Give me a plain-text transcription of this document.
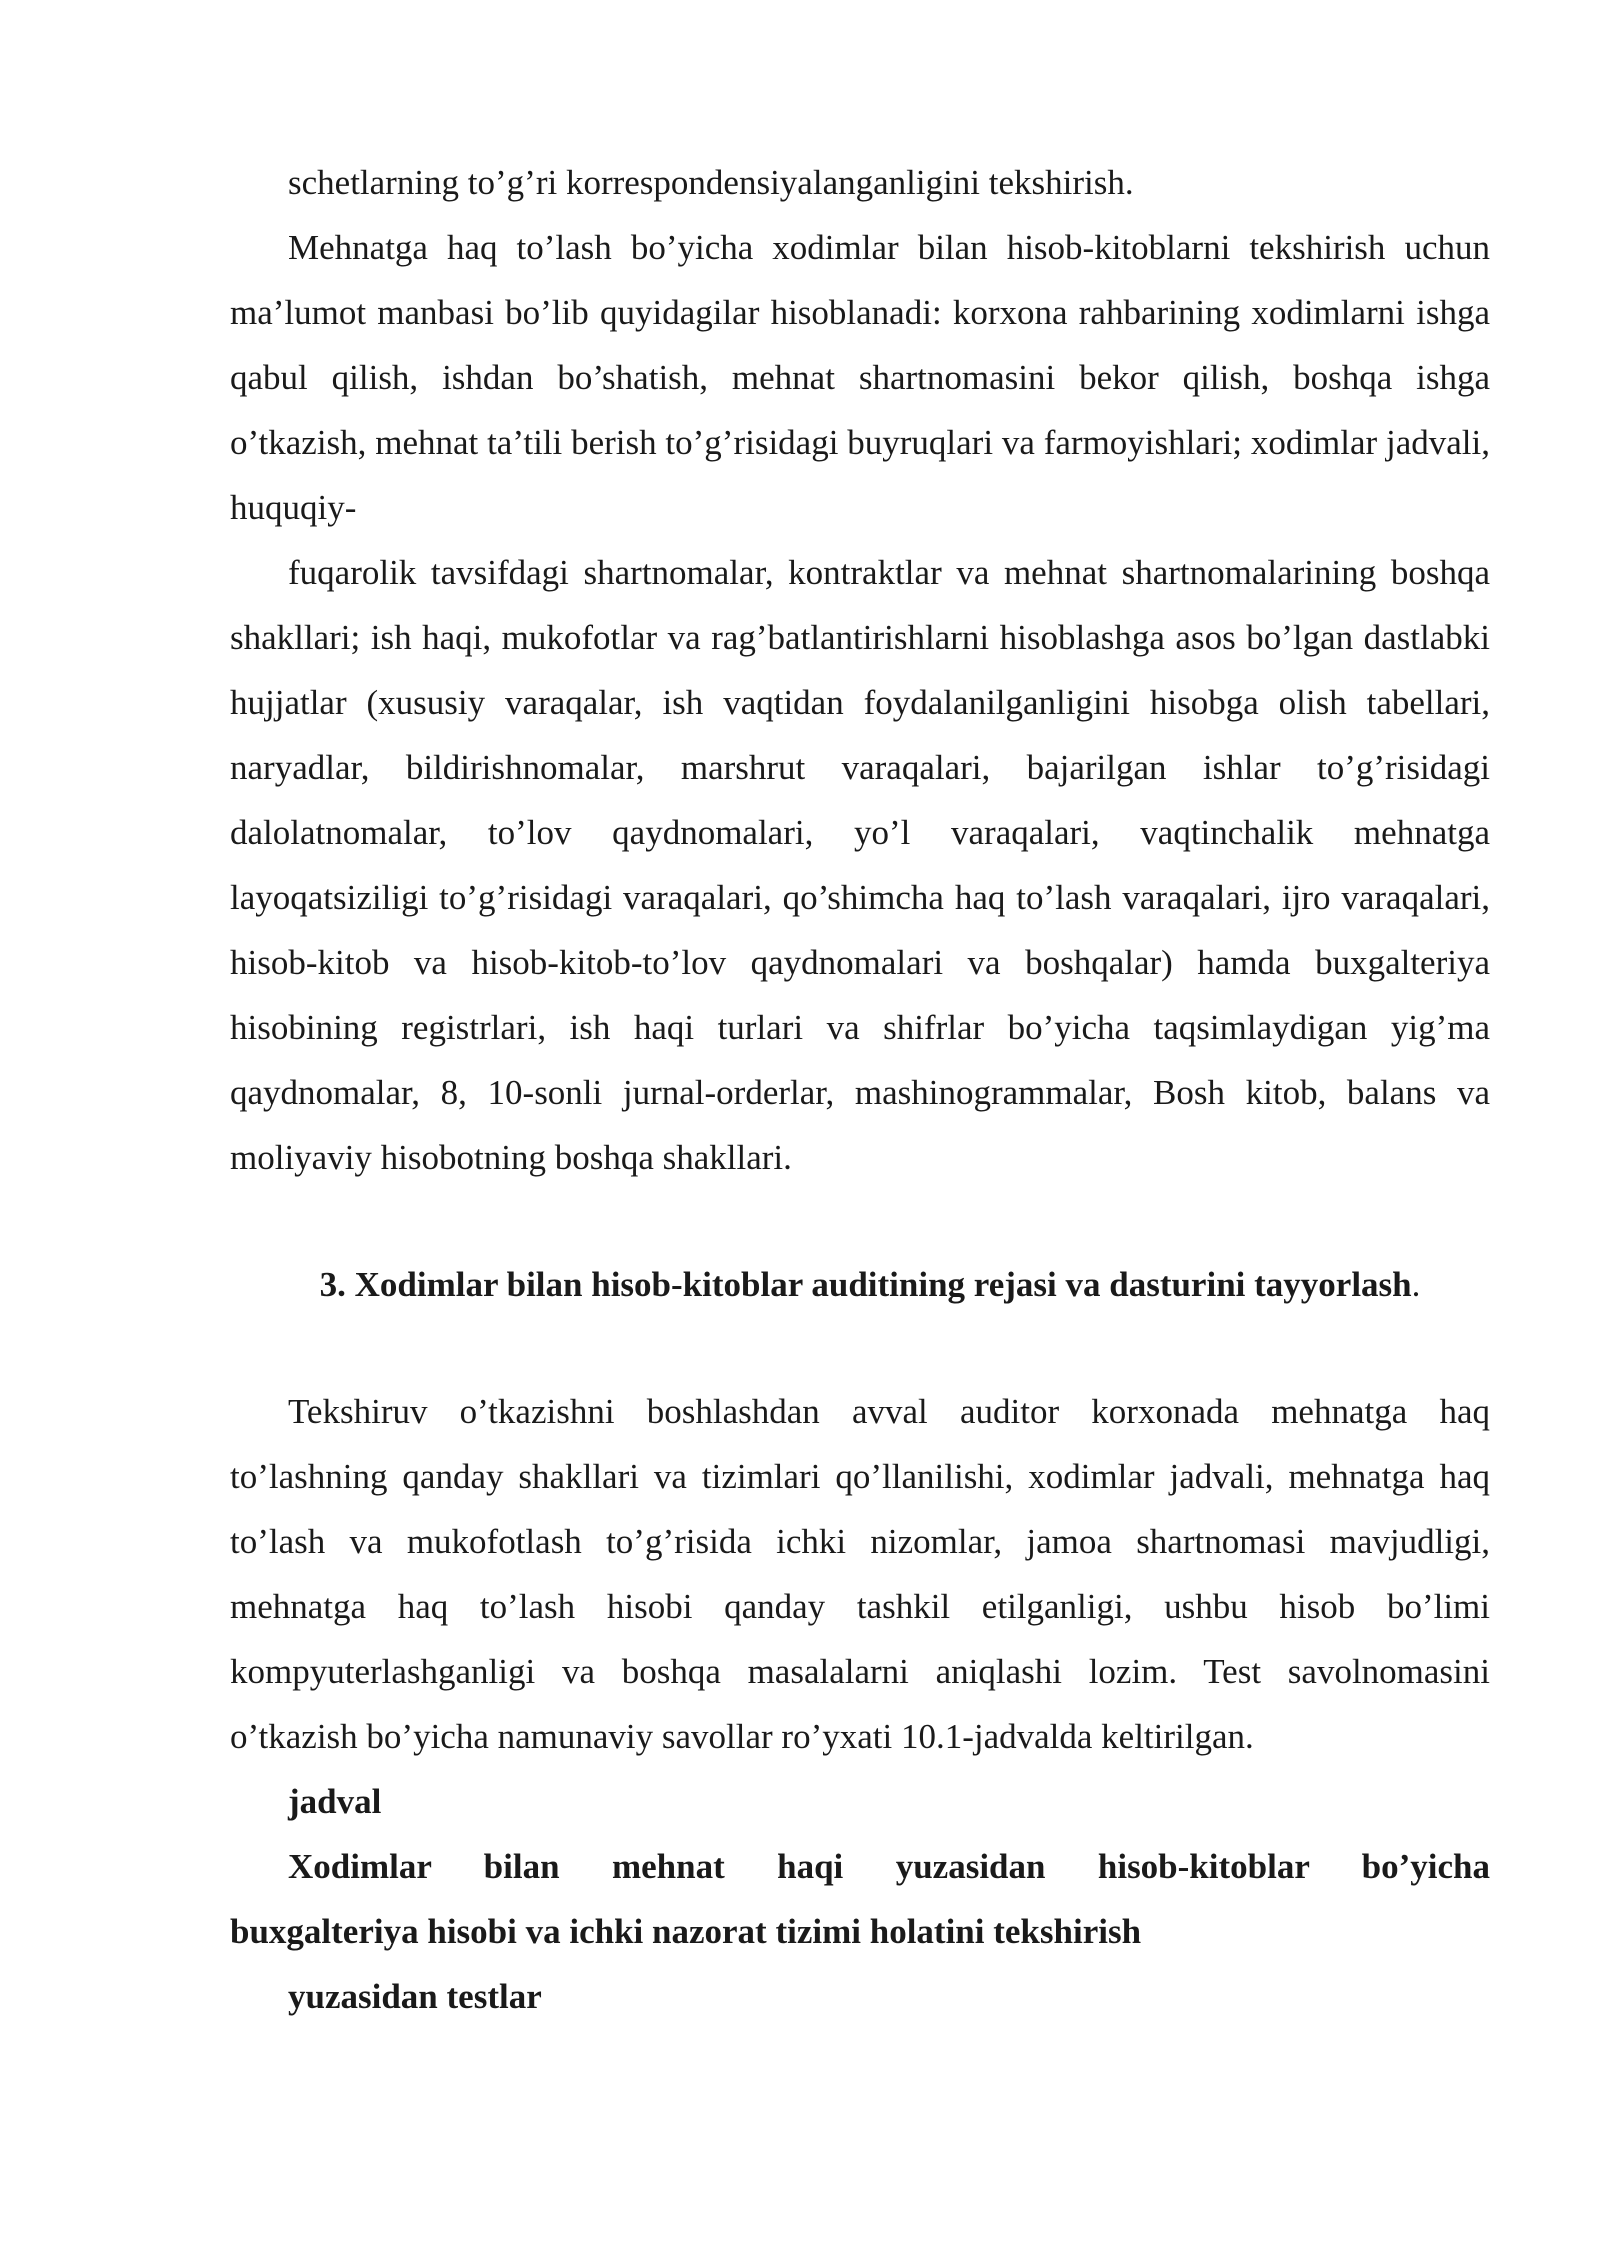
schetlarning to’g’ri korrespondensiyalanganligini tekshirish.

Mehnatga haq to’lash bo’yicha xodimlar bilan hisob-kitoblarni tekshirish uchun ma’lumot manbasi bo’lib quyidagilar hisoblanadi: korxona rahbarining xodimlarni ishga qabul qilish, ishdan bo’shatish, mehnat shartnomasini bekor qilish, boshqa ishga o’tkazish, mehnat ta’tili berish to’g’risidagi buyruqlari va farmoyishlari; xodimlar jadvali, huquqiy-

fuqarolik tavsifdagi shartnomalar, kontraktlar va mehnat shartnomalarining boshqa shakllari; ish haqi, mukofotlar va rag’batlantirishlarni hisoblashga asos bo’lgan dastlabki hujjatlar (xususiy varaqalar, ish vaqtidan foydalanilganligini hisobga olish tabellari, naryadlar, bildirishnomalar, marshrut varaqalari, bajarilgan ishlar to’g’risidagi dalolatnomalar, to’lov qaydnomalari, yo’l varaqalari, vaqtinchalik mehnatga layoqatsiziligi to’g’risidagi varaqalari, qo’shimcha haq to’lash varaqalari, ijro varaqalari, hisob-kitob va hisob-kitob-to’lov qaydnomalari va boshqalar) hamda buxgalteriya hisobining registrlari, ish haqi turlari va shifrlar bo’yicha taqsimlaydigan yig’ma qaydnomalar, 8, 10-sonli jurnal-orderlar, mashinogrammalar, Bosh kitob, balans va moliyaviy hisobotning boshqa shakllari.

3. Xodimlar bilan hisob-kitoblar auditining rejasi va dasturini tayyorlash.

Tekshiruv o’tkazishni boshlashdan avval auditor korxonada mehnatga haq to’lashning qanday shakllari va tizimlari qo’llanilishi, xodimlar jadvali, mehnatga haq to’lash va mukofotlash to’g’risida ichki nizomlar, jamoa shartnomasi mavjudligi, mehnatga haq to’lash hisobi qanday tashkil etilganligi, ushbu hisob bo’limi kompyuterlashganligi va boshqa masalalarni aniqlashi lozim. Test savolnomasini o’tkazish bo’yicha namunaviy savollar ro’yxati 10.1-jadvalda keltirilgan.

jadval

Xodimlar bilan mehnat haqi yuzasidan hisob-kitoblar bo’yicha

buxgalteriya hisobi va ichki nazorat tizimi holatini tekshirish

yuzasidan testlar
